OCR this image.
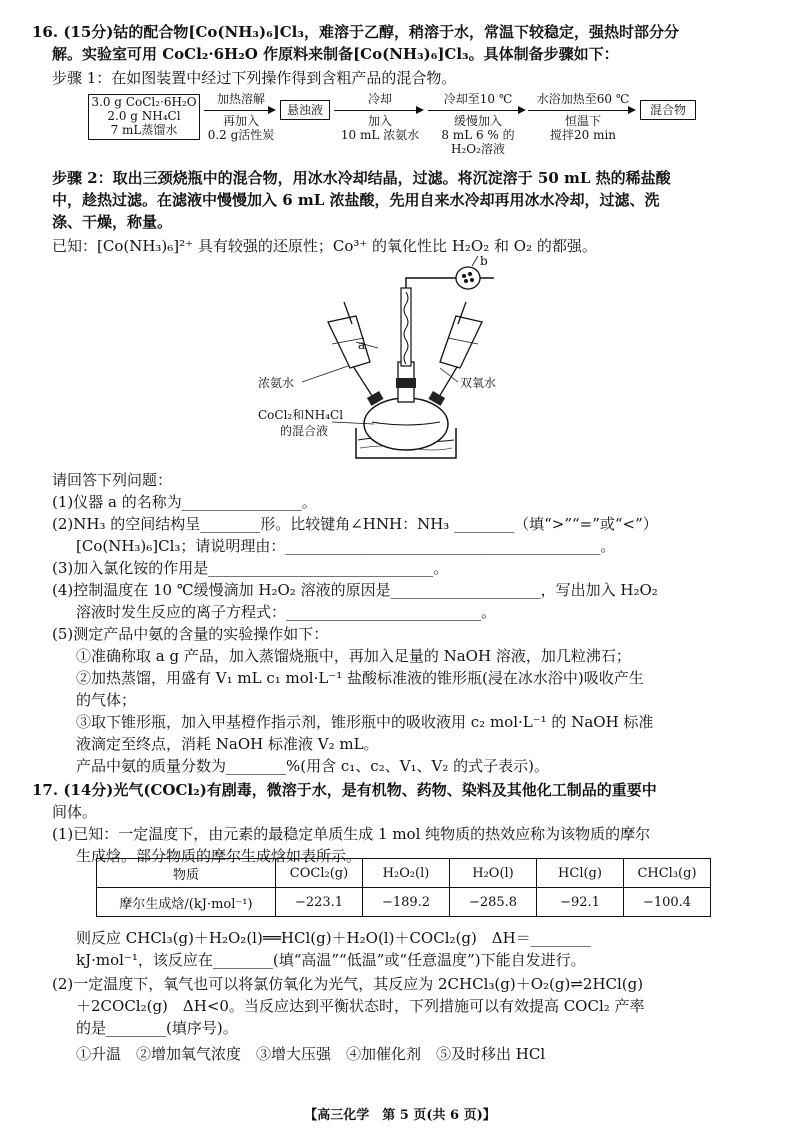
16. (15分)钴的配合物[Co(NH₃)₆]Cl₃，难溶于乙醇，稍溶于水，常温下较稳定，强热时部分分
解。实验室可用 CoCl₂·6H₂O 作原料来制备[Co(NH₃)₆]Cl₃。具体制备步骤如下：
步骤 1：在如图装置中经过下列操作得到含粗产品的混合物。
3.0 g CoCl₂·6H₂O
2.0 g NH₄Cl
7 mL蒸馏水
加热溶解
再加入
0.2 g活性炭
悬浊液
冷却
加入
10 mL 浓氨水
冷却至10 ℃
缓慢加入
8 mL 6 % 的
H₂O₂溶液
水浴加热至60 ℃
恒温下
搅拌20 min
混合物
步骤 2：取出三颈烧瓶中的混合物，用冰水冷却结晶，过滤。将沉淀溶于 50 mL 热的稀盐酸
中，趁热过滤。在滤液中慢慢加入 6 mL 浓盐酸，先用自来水冷却再用冰水冷却，过滤、洗
涤、干燥，称量。
已知：[Co(NH₃)₆]²⁺ 具有较强的还原性；Co³⁺ 的氧化性比 H₂O₂ 和 O₂ 的都强。
a
b
浓氨水	双氧水
CoCl₂和NH₄Cl
的混合液
请回答下列问题：
(1)仪器 a 的名称为________________。
(2)NH₃ 的空间结构呈________形。比较键角∠HNH：NH₃ ________（填“>”“=”或“<”）
[Co(NH₃)₆]Cl₃；请说明理由：__________________________________________。
(3)加入氯化铵的作用是______________________________。
(4)控制温度在 10 ℃缓慢滴加 H₂O₂ 溶液的原因是____________________，写出加入 H₂O₂
溶液时发生反应的离子方程式：__________________________。
(5)测定产品中氨的含量的实验操作如下：
①准确称取 a g 产品，加入蒸馏烧瓶中，再加入足量的 NaOH 溶液，加几粒沸石；
②加热蒸馏，用盛有 V₁ mL c₁ mol·L⁻¹ 盐酸标准液的锥形瓶(浸在冰水浴中)吸收产生
的气体；
③取下锥形瓶，加入甲基橙作指示剂，锥形瓶中的吸收液用 c₂ mol·L⁻¹ 的 NaOH 标准
液滴定至终点，消耗 NaOH 标准液 V₂ mL。
产品中氨的质量分数为________%(用含 c₁、c₂、V₁、V₂ 的式子表示)。
17. (14分)光气(COCl₂)有剧毒，微溶于水，是有机物、药物、染料及其他化工制品的重要中
间体。
(1)已知：一定温度下，由元素的最稳定单质生成 1 mol 纯物质的热效应称为该物质的摩尔
生成焓。部分物质的摩尔生成焓如表所示。
物质	COCl₂(g)	H₂O₂(l)	H₂O(l)	HCl(g)	CHCl₃(g)
摩尔生成焓/(kJ·mol⁻¹)	−223.1	−189.2	−285.8	−92.1	−100.4
则反应 CHCl₃(g)＋H₂O₂(l)══HCl(g)＋H₂O(l)＋COCl₂(g)　ΔH＝________
kJ·mol⁻¹，该反应在________(填“高温”“低温”或“任意温度”)下能自发进行。
(2)一定温度下，氧气也可以将氯仿氧化为光气，其反应为 2CHCl₃(g)＋O₂(g)⇌2HCl(g)
＋2COCl₂(g)　ΔH<0。当反应达到平衡状态时，下列措施可以有效提高 COCl₂ 产率
的是________(填序号)。
①升温　②增加氧气浓度　③增大压强　④加催化剂　⑤及时移出 HCl
【高三化学　第 5 页(共 6 页)】
